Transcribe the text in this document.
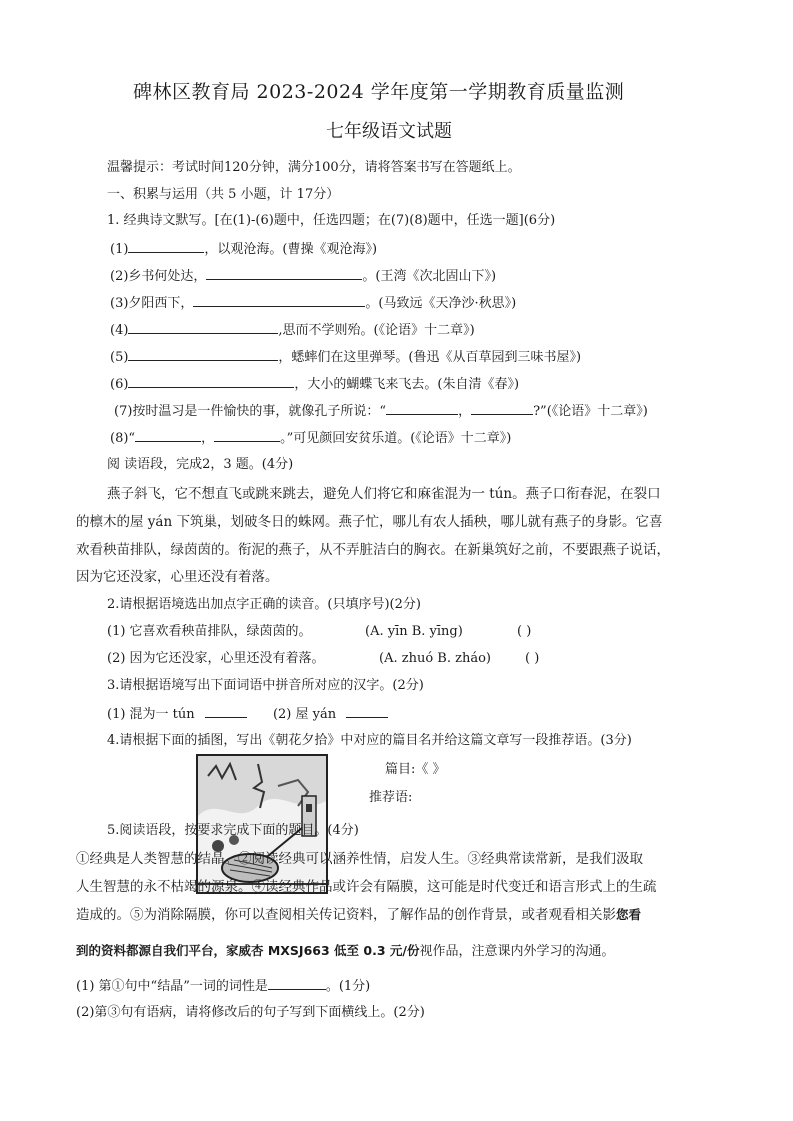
碑林区教育局 2023-2024 学年度第一学期教育质量监测
七年级语文试题
温馨提示：考试时间120分钟，满分100分，请将答案书写在答题纸上。
一、积累与运用（共 5 小题，计 17分）
1. 经典诗文默写。[在(1)-(6)题中，任选四题；在(7)(8)题中，任选一题](6分)
(1)	，以观沧海。(曹操《观沧海》)
(2)乡书何处达，	。(王湾《次北固山下》)
(3)夕阳西下，	。(马致远《天净沙·秋思》)
(4)	,思而不学则殆。(《论语》十二章》)
(5)	，蟋蟀们在这里弹琴。(鲁迅《从百草园到三味书屋》)
(6)	，大小的蝴蝶飞来飞去。(朱自清《春》)
(7)按时温习是一件愉快的事，就像孔子所说：“	，	?”(《论语》十二章》)
(8)“	，	。”可见颜回安贫乐道。(《论语》十二章》)
阅 读语段，完成2，3 题。(4分)
燕子斜飞，它不想直飞或跳来跳去，避免人们将它和麻雀混为一 tún。燕子口衔春泥，在裂口
的檩木的屋 yán 下筑巢，划破冬日的蛛网。燕子忙，哪儿有农人插秧，哪儿就有燕子的身影。它喜
欢看秧苗排队，绿茵茵的。衔泥的燕子，从不弄脏洁白的胸衣。在新巢筑好之前，不要跟燕子说话，
因为它还没家，心里还没有着落。
2.请根据语境选出加点字正确的读音。(只填序号)(2分)
(1) 它喜欢看秧苗排队，绿茵茵的。	(A. yīn B. yīng)	( )
(2) 因为它还没家，心里还没有着落。	(A. zhuó B. zháo)	( )
3.请根据语境写出下面词语中拼音所对应的汉字。(2分)
(1) 混为一 tún	(2) 屋 yán
4.请根据下面的插图，写出《朝花夕拾》中对应的篇目名并给这篇文章写一段推荐语。(3分)
篇目:《 》
推荐语:
5.阅读语段，按要求完成下面的题目。(4分)
①经典是人类智慧的结晶。②阅读经典可以涵养性情，启发人生。③经典常读常新，是我们汲取
人生智慧的永不枯竭的源泉。④读经典作品或许会有隔膜，这可能是时代变迁和语言形式上的生疏
造成的。⑤为消除隔膜，你可以查阅相关传记资料，了解作品的创作背景，或者观看相关影您看
到的资料都源自我们平台，家威杏 MXSJ663 低至 0.3 元/份视作品，注意课内外学习的沟通。
(1) 第①句中“结晶”一词的词性是	。(1分)
(2)第③句有语病，请将修改后的句子写到下面横线上。(2分)
